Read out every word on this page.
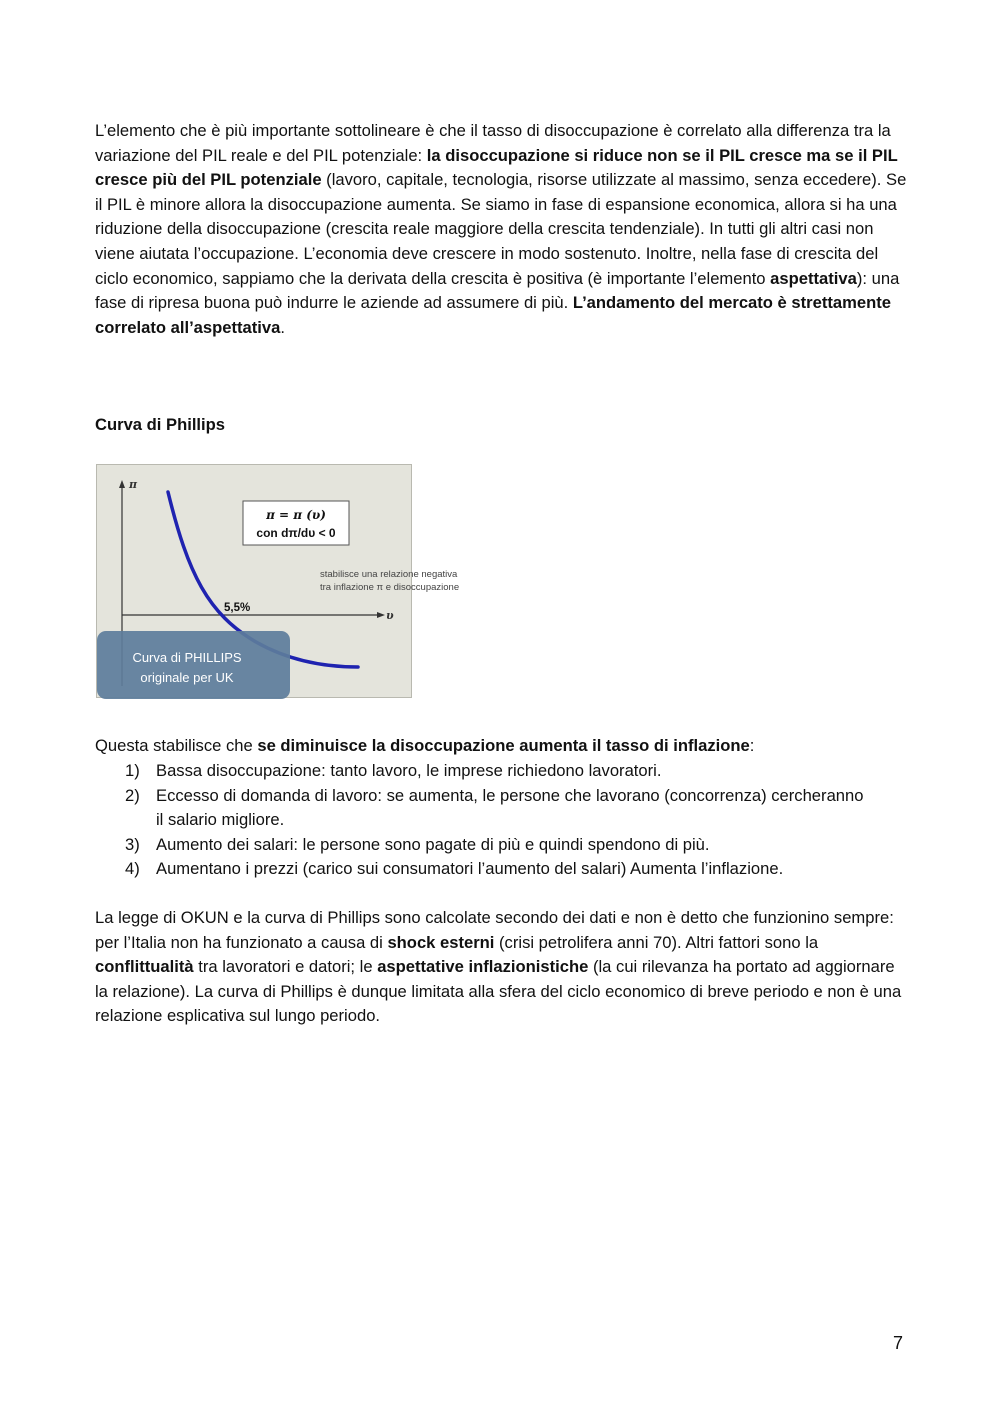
L’elemento che è più importante sottolineare è che il tasso di disoccupazione è correlato alla differenza tra la variazione del PIL reale e del PIL potenziale: la disoccupazione si riduce non se il PIL cresce ma se il PIL cresce più del PIL potenziale (lavoro, capitale, tecnologia, risorse utilizzate al massimo, senza eccedere). Se il PIL è minore allora la disoccupazione aumenta. Se siamo in fase di espansione economica, allora si ha una riduzione della disoccupazione (crescita reale maggiore della crescita tendenziale). In tutti gli altri casi non viene aiutata l’occupazione. L’economia deve crescere in modo sostenuto. Inoltre, nella fase di crescita del ciclo economico, sappiamo che la derivata della crescita è positiva (è importante l’elemento aspettativa): una fase di ripresa buona può indurre le aziende ad assumere di più. L’andamento del mercato è strettamente correlato all’aspettativa.

Curva di Phillips

π
υ
π = π (υ)
con dπ/dυ < 0
stabilisce una relazione negativa
tra inflazione π e disoccupazione
5,5%
Curva di PHILLIPS
originale per UK

Questa stabilisce che se diminuisce la disoccupazione aumenta il tasso di inflazione:

1) Bassa disoccupazione: tanto lavoro, le imprese richiedono lavoratori.
2) Eccesso di domanda di lavoro: se aumenta, le persone che lavorano (concorrenza) cercheranno il salario migliore.
3) Aumento dei salari: le persone sono pagate di più e quindi spendono di più.
4) Aumentano i prezzi (carico sui consumatori l’aumento del salari) Aumenta l’inflazione.

La legge di OKUN e la curva di Phillips sono calcolate secondo dei dati e non è detto che funzionino sempre: per l’Italia non ha funzionato a causa di shock esterni (crisi petrolifera anni 70). Altri fattori sono la conflittualità tra lavoratori e datori; le aspettative inflazionistiche (la cui rilevanza ha portato ad aggiornare la relazione). La curva di Phillips è dunque limitata alla sfera del ciclo economico di breve periodo e non è una relazione esplicativa sul lungo periodo.

7
